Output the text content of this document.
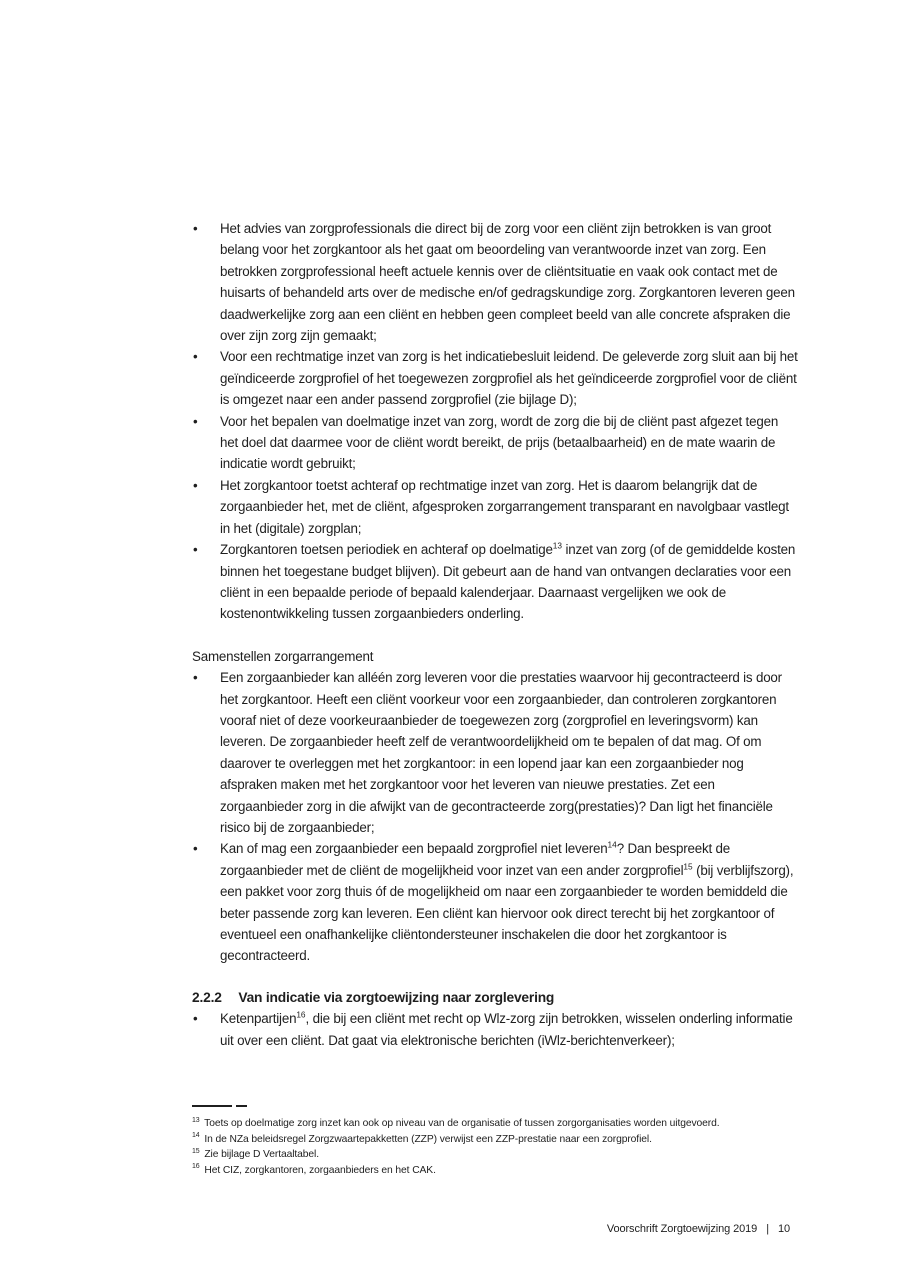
• Het advies van zorgprofessionals die direct bij de zorg voor een cliënt zijn betrokken is van groot belang voor het zorgkantoor als het gaat om beoordeling van verantwoorde inzet van zorg. Een betrokken zorgprofessional heeft actuele kennis over de cliëntsituatie en vaak ook contact met de huisarts of behandeld arts over de medische en/of gedragskundige zorg. Zorgkantoren leveren geen daadwerkelijke zorg aan een cliënt en hebben geen compleet beeld van alle concrete afspraken die over zijn zorg zijn gemaakt;
• Voor een rechtmatige inzet van zorg is het indicatiebesluit leidend. De geleverde zorg sluit aan bij het geïndiceerde zorgprofiel of het toegewezen zorgprofiel als het geïndiceerde zorgprofiel voor de cliënt is omgezet naar een ander passend zorgprofiel (zie bijlage D);
• Voor het bepalen van doelmatige inzet van zorg, wordt de zorg die bij de cliënt past afgezet tegen het doel dat daarmee voor de cliënt wordt bereikt, de prijs (betaalbaarheid) en de mate waarin de indicatie wordt gebruikt;
• Het zorgkantoor toetst achteraf op rechtmatige inzet van zorg. Het is daarom belangrijk dat de zorgaanbieder het, met de cliënt, afgesproken zorgarrangement transparant en navolgbaar vastlegt in het (digitale) zorgplan;
• Zorgkantoren toetsen periodiek en achteraf op doelmatige$^{13}$ inzet van zorg (of de gemiddelde kosten binnen het toegestane budget blijven). Dit gebeurt aan de hand van ontvangen declaraties voor een cliënt in een bepaalde periode of bepaald kalenderjaar. Daarnaast vergelijken we ook de kostenontwikkeling tussen zorgaanbieders onderling.
Samenstellen zorgarrangement
• Een zorgaanbieder kan alléén zorg leveren voor die prestaties waarvoor hij gecontracteerd is door het zorgkantoor. Heeft een cliënt voorkeur voor een zorgaanbieder, dan controleren zorgkantoren vooraf niet of deze voorkeuraanbieder de toegewezen zorg (zorgprofiel en leveringsvorm) kan leveren. De zorgaanbieder heeft zelf de verantwoordelijkheid om te bepalen of dat mag. Of om daarover te overleggen met het zorgkantoor: in een lopend jaar kan een zorgaanbieder nog afspraken maken met het zorgkantoor voor het leveren van nieuwe prestaties. Zet een zorgaanbieder zorg in die afwijkt van de gecontracteerde zorg(prestaties)? Dan ligt het financiële risico bij de zorgaanbieder;
• Kan of mag een zorgaanbieder een bepaald zorgprofiel niet leveren$^{14}$? Dan bespreekt de zorgaanbieder met de cliënt de mogelijkheid voor inzet van een ander zorgprofiel$^{15}$ (bij verblijfszorg), een pakket voor zorg thuis óf de mogelijkheid om naar een zorgaanbieder te worden bemiddeld die beter passende zorg kan leveren. Een cliënt kan hiervoor ook direct terecht bij het zorgkantoor of eventueel een onafhankelijke cliëntondersteuner inschakelen die door het zorgkantoor is gecontracteerd.
2.2.2 Van indicatie via zorgtoewijzing naar zorglevering
• Ketenpartijen$^{16}$, die bij een cliënt met recht op Wlz-zorg zijn betrokken, wisselen onderling informatie uit over een cliënt. Dat gaat via elektronische berichten (iWlz-berichtenverkeer);

$^{13}$ Toets op doelmatige zorg inzet kan ook op niveau van de organisatie of tussen zorgorganisaties worden uitgevoerd.
$^{14}$ In de NZa beleidsregel Zorgzwaartepakketten (ZZP) verwijst een ZZP-prestatie naar een zorgprofiel.
$^{15}$ Zie bijlage D Vertaaltabel.
$^{16}$ Het CIZ, zorgkantoren, zorgaanbieders en het CAK.
Voorschrift Zorgtoewijzing 2019 | 10
